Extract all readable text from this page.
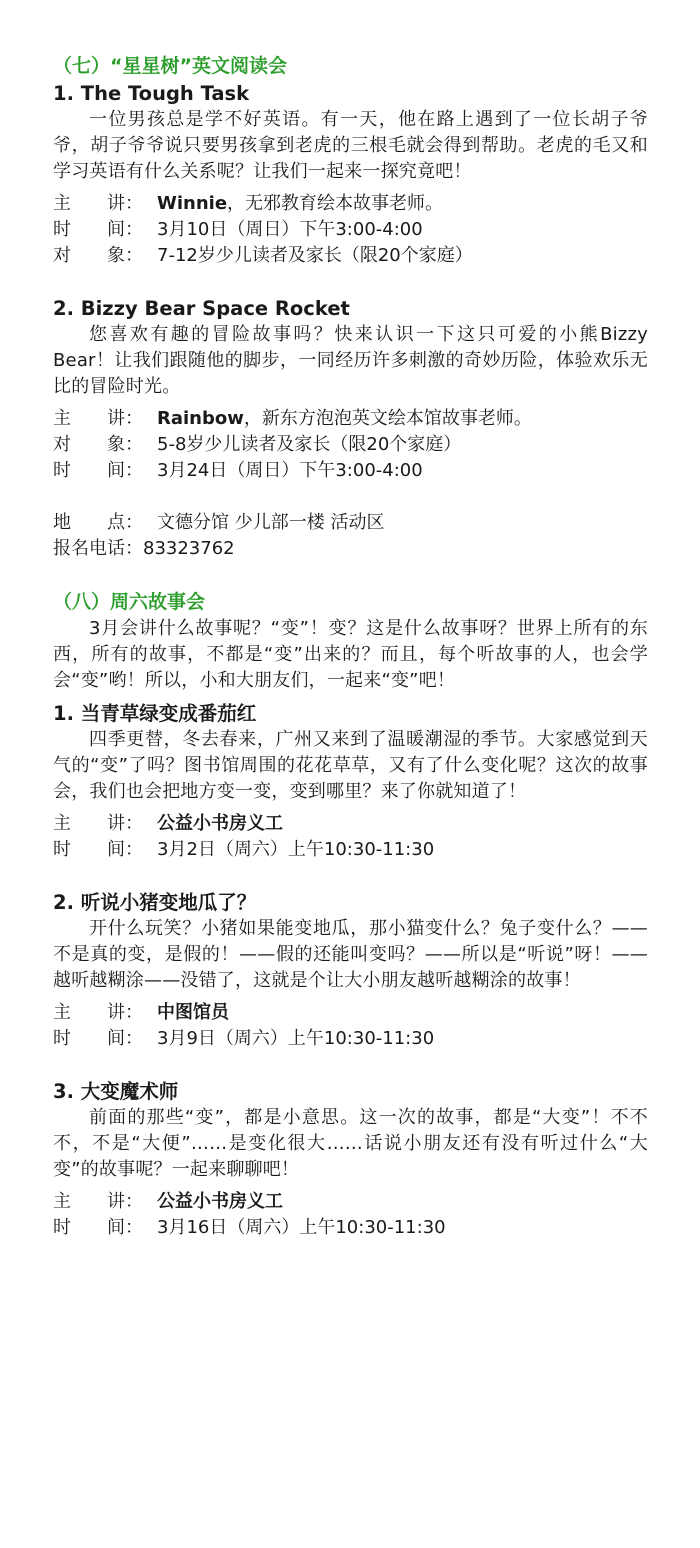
（七）“星星树”英文阅读会
1. The Tough Task

一位男孩总是学不好英语。有一天，他在路上遇到了一位长胡子爷爷，胡子爷爷说只要男孩拿到老虎的三根毛就会得到帮助。老虎的毛又和学习英语有什么关系呢？让我们一起来一探究竟吧！

主　　讲： Winnie，无邪教育绘本故事老师。

时　　间： 3月10日（周日）下午3:00-4:00

对　　象： 7-12岁少儿读者及家长（限20个家庭）

2. Bizzy Bear Space Rocket

您喜欢有趣的冒险故事吗？快来认识一下这只可爱的小熊Bizzy Bear！让我们跟随他的脚步，一同经历许多刺激的奇妙历险，体验欢乐无比的冒险时光。

主　　讲： Rainbow，新东方泡泡英文绘本馆故事老师。

对　　象： 5-8岁少儿读者及家长（限20个家庭）

时　　间： 3月24日（周日）下午3:00-4:00

地　　点： 文德分馆 少儿部一楼 活动区

报名电话：83323762

（八）周六故事会

3月会讲什么故事呢？“变”！变？这是什么故事呀？世界上所有的东西，所有的故事，不都是“变”出来的？而且，每个听故事的人，也会学会“变”哟！所以，小和大朋友们，一起来“变”吧！

1. 当青草绿变成番茄红

四季更替，冬去春来，广州又来到了温暖潮湿的季节。大家感觉到天气的“变”了吗？图书馆周围的花花草草，又有了什么变化呢？这次的故事会，我们也会把地方变一变，变到哪里？来了你就知道了！

主　　讲： 公益小书房义工

时　　间： 3月2日（周六）上午10:30-11:30

2. 听说小猪变地瓜了？

开什么玩笑？小猪如果能变地瓜，那小猫变什么？兔子变什么？——不是真的变，是假的！——假的还能叫变吗？——所以是“听说”呀！——越听越糊涂——没错了，这就是个让大小朋友越听越糊涂的故事！

主　　讲： 中图馆员

时　　间： 3月9日（周六）上午10:30-11:30

3. 大变魔术师

前面的那些“变”，都是小意思。这一次的故事，都是“大变”！不不不，不是“大便”……是变化很大……话说小朋友还有没有听过什么“大变”的故事呢？一起来聊聊吧！

主　　讲： 公益小书房义工

时　　间： 3月16日（周六）上午10:30-11:30
